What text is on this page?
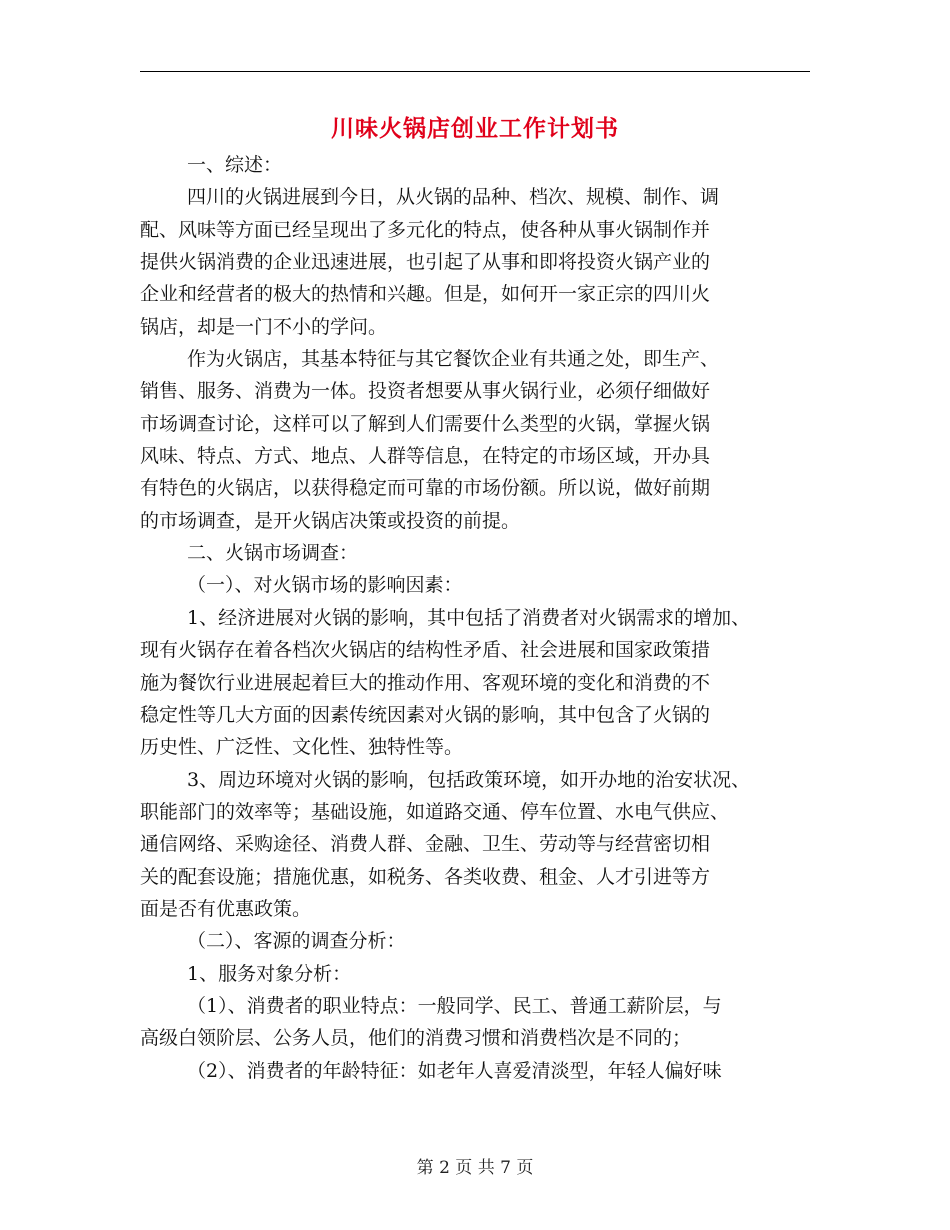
川味火锅店创业工作计划书
一、综述：
四川的火锅进展到今日，从火锅的品种、档次、规模、制作、调
配、风味等方面已经呈现出了多元化的特点，使各种从事火锅制作并
提供火锅消费的企业迅速进展，也引起了从事和即将投资火锅产业的
企业和经营者的极大的热情和兴趣。但是，如何开一家正宗的四川火
锅店，却是一门不小的学问。
作为火锅店，其基本特征与其它餐饮企业有共通之处，即生产、
销售、服务、消费为一体。投资者想要从事火锅行业，必须仔细做好
市场调查讨论，这样可以了解到人们需要什么类型的火锅，掌握火锅
风味、特点、方式、地点、人群等信息，在特定的市场区域，开办具
有特色的火锅店，以获得稳定而可靠的市场份额。所以说，做好前期
的市场调查，是开火锅店决策或投资的前提。
二、火锅市场调查：
（一）、对火锅市场的影响因素：
1、经济进展对火锅的影响，其中包括了消费者对火锅需求的增加、
现有火锅存在着各档次火锅店的结构性矛盾、社会进展和国家政策措
施为餐饮行业进展起着巨大的推动作用、客观环境的变化和消费的不
稳定性等几大方面的因素传统因素对火锅的影响，其中包含了火锅的
历史性、广泛性、文化性、独特性等。
3、周边环境对火锅的影响，包括政策环境，如开办地的治安状况、
职能部门的效率等；基础设施，如道路交通、停车位置、水电气供应、
通信网络、采购途径、消费人群、金融、卫生、劳动等与经营密切相
关的配套设施；措施优惠，如税务、各类收费、租金、人才引进等方
面是否有优惠政策。
（二）、客源的调查分析：
1、服务对象分析：
（1）、消费者的职业特点：一般同学、民工、普通工薪阶层，与
高级白领阶层、公务人员，他们的消费习惯和消费档次是不同的；
（2）、消费者的年龄特征：如老年人喜爱清淡型，年轻人偏好味
第 2 页 共 7 页
